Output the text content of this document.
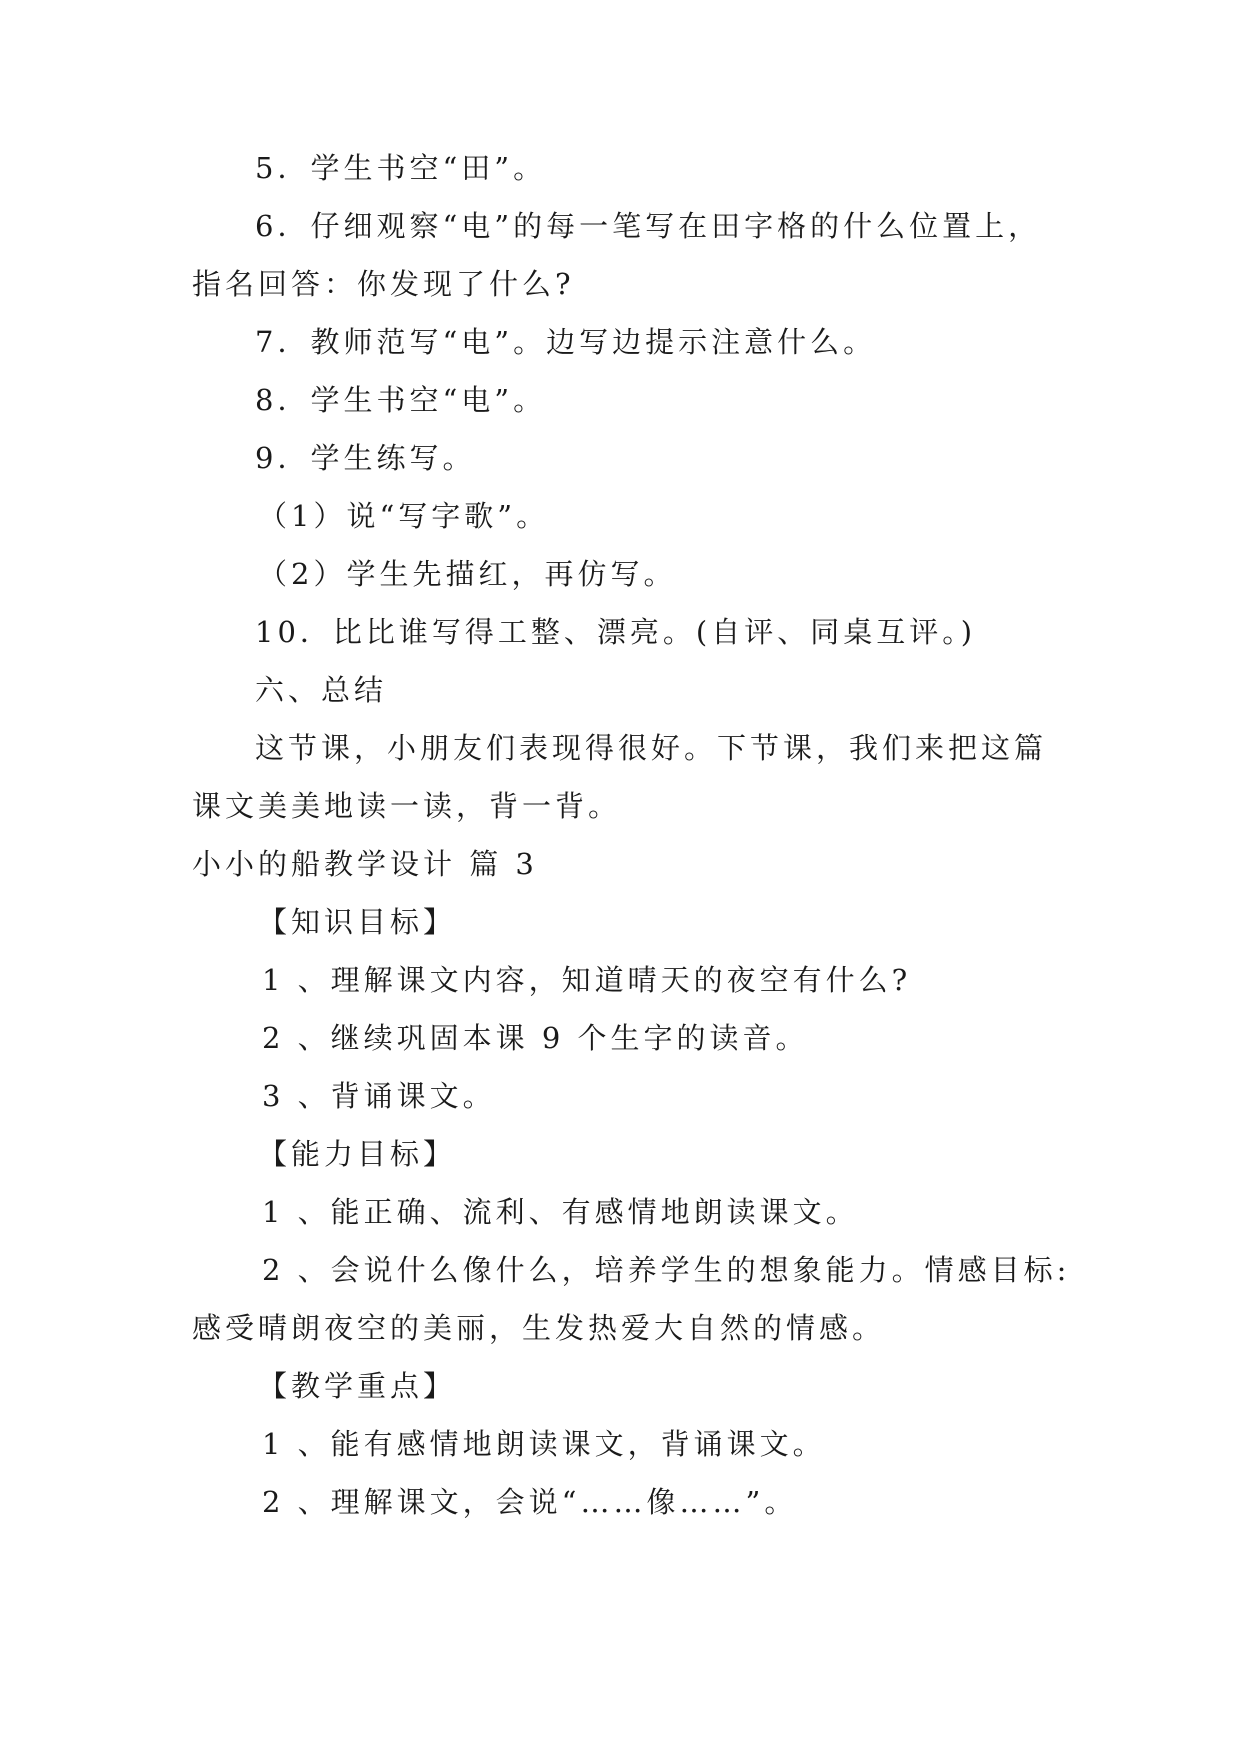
5．学生书空“田”。
6．仔细观察“电”的每一笔写在田字格的什么位置上，
指名回答：你发现了什么?
7．教师范写“电”。边写边提示注意什么。
8．学生书空“电”。
9．学生练写。
（1）说“写字歌”。
（2）学生先描红，再仿写。
10．比比谁写得工整、漂亮。(自评、同桌互评。)
六、总结
这节课，小朋友们表现得很好。下节课，我们来把这篇
课文美美地读一读，背一背。
小小的船教学设计 篇 3
【知识目标】
1 、理解课文内容，知道晴天的夜空有什么?
2 、继续巩固本课 9 个生字的读音。
3 、背诵课文。
【能力目标】
1 、能正确、流利、有感情地朗读课文。
2 、会说什么像什么，培养学生的想象能力。情感目标:
感受晴朗夜空的美丽，生发热爱大自然的情感。
【教学重点】
1 、能有感情地朗读课文，背诵课文。
2 、理解课文，会说“……像……”。
